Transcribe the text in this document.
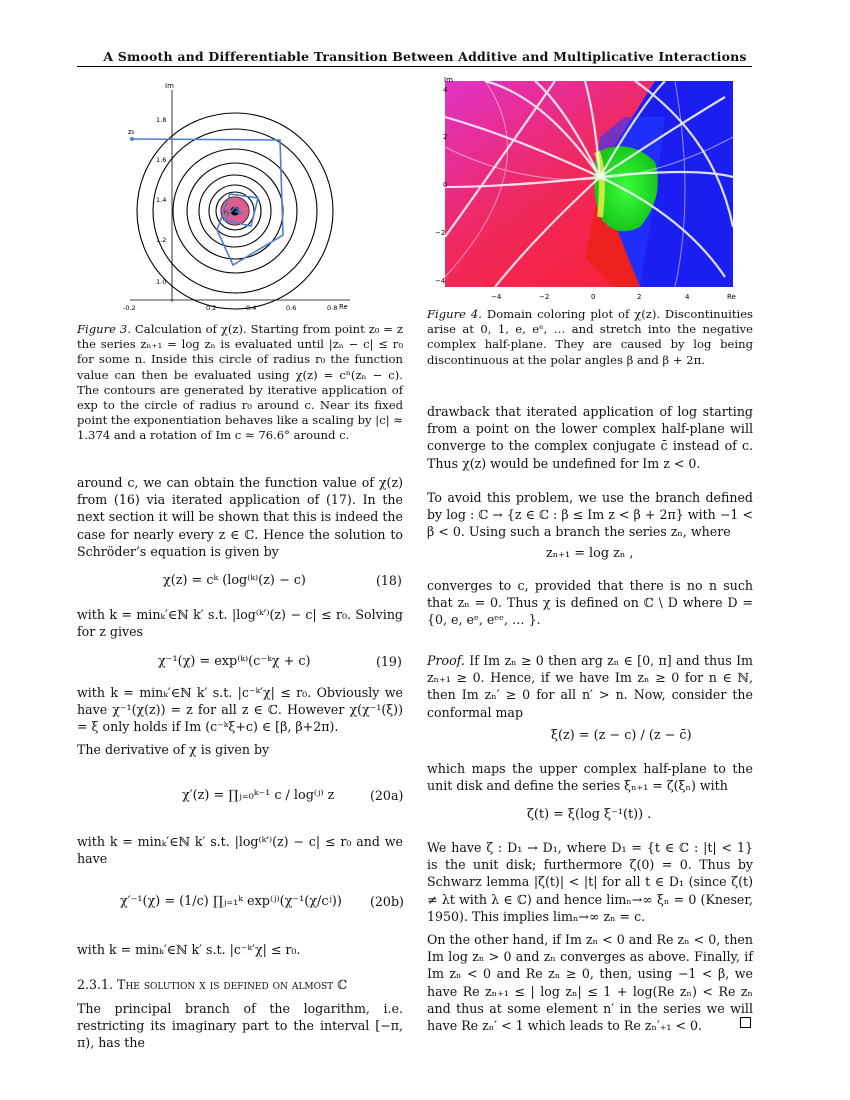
A Smooth and Differentiable Transition Between Additive and Multiplicative Interactions
Im
Re
1.8
1.6
1.4
1.2
1.0
-0.2	0.2	0.4	0.6	0.8
r₀ c
z₀

Figure 3. Calculation of χ(z). Starting from point z₀ = z the series zₙ₊₁ = log zₙ is evaluated until |zₙ − c| ≤ r₀ for some n. Inside this circle of radius r₀ the function value can then be evaluated using χ(z) = cⁿ(zₙ − c). The contours are generated by iterative application of exp to the circle of radius r₀ around c. Near its fixed point the exponentiation behaves like a scaling by |c| ≈ 1.374 and a rotation of Im c ≈ 76.6° around c.

Im
Re
4
2
0
−2
−4
−4	−2	0	2	4

Figure 4. Domain coloring plot of χ(z). Discontinuities arise at 0, 1, e, eᵉ, … and stretch into the negative complex half-plane. They are caused by log being discontinuous at the polar angles β and β + 2π.

around c, we can obtain the function value of χ(z) from (16) via iterated application of (17). In the next section it will be shown that this is indeed the case for nearly every z ∈ ℂ. Hence the solution to Schröder’s equation is given by
χ(z) = cᵏ (log⁽ᵏ⁾(z) − c)	(18)
with k = minₖ′∈ℕ k′ s.t. |log⁽ᵏ′⁾(z) − c| ≤ r₀. Solving for z gives
χ⁻¹(χ) = exp⁽ᵏ⁾(c⁻ᵏχ + c)	(19)
with k = minₖ′∈ℕ k′ s.t. |c⁻ᵏ′χ| ≤ r₀. Obviously we have χ⁻¹(χ(z)) = z for all z ∈ ℂ. However χ(χ⁻¹(ξ)) = ξ only holds if Im (c⁻ᵏξ+c) ∈ [β, β+2π).
The derivative of χ is given by
χ′(z) = ∏ⱼ₌₀ᵏ⁻¹ c / log⁽ʲ⁾ z	(20a)
with k = minₖ′∈ℕ k′ s.t. |log⁽ᵏ′⁾(z) − c| ≤ r₀ and we have
χ′⁻¹(χ) = (1/c) ∏ⱼ₌₁ᵏ exp⁽ʲ⁾(χ⁻¹(χ/cʲ)) (20b)
with k = minₖ′∈ℕ k′ s.t. |c⁻ᵏ′χ| ≤ r₀.
2.3.1. The solution χ is defined on almost ℂ
The principal branch of the logarithm, i.e. restricting its imaginary part to the interval [−π, π), has the
drawback that iterated application of log starting from a point on the lower complex half-plane will converge to the complex conjugate c̄ instead of c. Thus χ(z) would be undefined for Im z < 0.
To avoid this problem, we use the branch defined by log : ℂ → {z ∈ ℂ : β ≤ Im z < β + 2π} with −1 < β < 0. Using such a branch the series zₙ, where
zₙ₊₁ = log zₙ ,
converges to c, provided that there is no n such that zₙ = 0. Thus χ is defined on ℂ \ D where D = {0, e, eᵉ, eᵉᵉ, … }.
Proof. If Im zₙ ≥ 0 then arg zₙ ∈ [0, π] and thus Im zₙ₊₁ ≥ 0. Hence, if we have Im zₙ ≥ 0 for n ∈ ℕ, then Im zₙ′ ≥ 0 for all n′ > n. Now, consider the conformal map
ξ(z) = (z − c) / (z − c̄)
which maps the upper complex half-plane to the unit disk and define the series ξₙ₊₁ = ζ(ξₙ) with
ζ(t) = ξ(log ξ⁻¹(t)) .
We have ζ : D₁ → D₁, where D₁ = {t ∈ ℂ : |t| < 1} is the unit disk; furthermore ζ(0) = 0. Thus by Schwarz lemma |ζ(t)| < |t| for all t ∈ D₁ (since ζ(t) ≠ λt with λ ∈ ℂ) and hence limₙ→∞ ξₙ = 0 (Kneser, 1950). This implies limₙ→∞ zₙ = c.
On the other hand, if Im zₙ < 0 and Re zₙ < 0, then Im log zₙ > 0 and zₙ converges as above. Finally, if Im zₙ < 0 and Re zₙ ≥ 0, then, using −1 < β, we have Re zₙ₊₁ ≤ | log zₙ| ≤ 1 + log(Re zₙ) < Re zₙ and thus at some element n′ in the series we will have Re zₙ′ < 1 which leads to Re zₙ′₊₁ < 0.
